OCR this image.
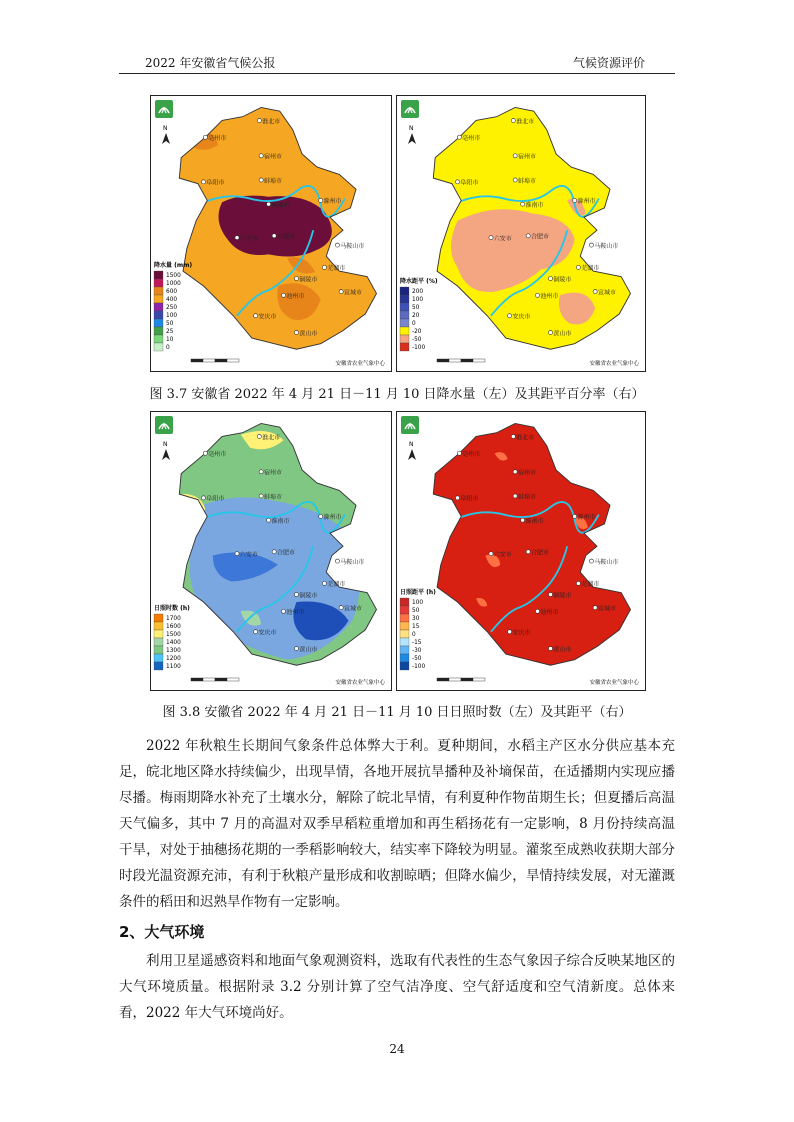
2022 年安徽省气候公报	气候资源评价
亳州市
淮北市
宿州市
阜阳市	蚌埠市
淮南市
滁州市
合肥市
马鞍山市
六安市
铜陵市
芜湖市
宣城市
池州市
安庆市
黄山市
N
降水量 (mm)
1500
1000
600
400
250
100
50
25
10
0
安徽省农业气象中心
亳州市
淮北市
宿州市
阜阳市	蚌埠市
淮南市
滁州市
合肥市
马鞍山市
六安市
铜陵市
芜湖市
宣城市
池州市
安庆市
黄山市
N
降水距平 (%)
200
100
50
20
0
-20
-50
-100
安徽省农业气象中心
图 3.7 安徽省 2022 年 4 月 21 日－11 月 10 日降水量（左）及其距平百分率（右）
亳州市
淮北市
宿州市
阜阳市	蚌埠市
淮南市
滁州市
合肥市
马鞍山市
六安市
铜陵市
芜湖市
宣城市
池州市
安庆市
黄山市
N
日照时数 (h)
1700
1600
1500
1400
1300
1200
1100
安徽省农业气象中心
亳州市
淮北市
宿州市
阜阳市	蚌埠市
淮南市
滁州市
合肥市
马鞍山市
六安市
铜陵市
芜湖市
宣城市
池州市
安庆市
黄山市
N
日照距平 (h)
100
50
30
15
0
-15
-30
-50
-100
安徽省农业气象中心
图 3.8 安徽省 2022 年 4 月 21 日－11 月 10 日日照时数（左）及其距平（右）

2022 年秋粮生长期间气象条件总体弊大于利。夏种期间，水稻主产区水分供应基本充足，皖北地区降水持续偏少，出现旱情，各地开展抗旱播种及补墒保苗，在适播期内实现应播尽播。梅雨期降水补充了土壤水分，解除了皖北旱情，有利夏种作物苗期生长；但夏播后高温天气偏多，其中 7 月的高温对双季早稻粒重增加和再生稻扬花有一定影响，8 月份持续高温干旱，对处于抽穗扬花期的一季稻影响较大，结实率下降较为明显。灌浆至成熟收获期大部分时段光温资源充沛，有利于秋粮产量形成和收割晾晒；但降水偏少，旱情持续发展，对无灌溉条件的稻田和迟熟旱作物有一定影响。

2、大气环境

利用卫星遥感资料和地面气象观测资料，选取有代表性的生态气象因子综合反映某地区的大气环境质量。根据附录 3.2 分别计算了空气洁净度、空气舒适度和空气清新度。总体来看，2022 年大气环境尚好。

24
